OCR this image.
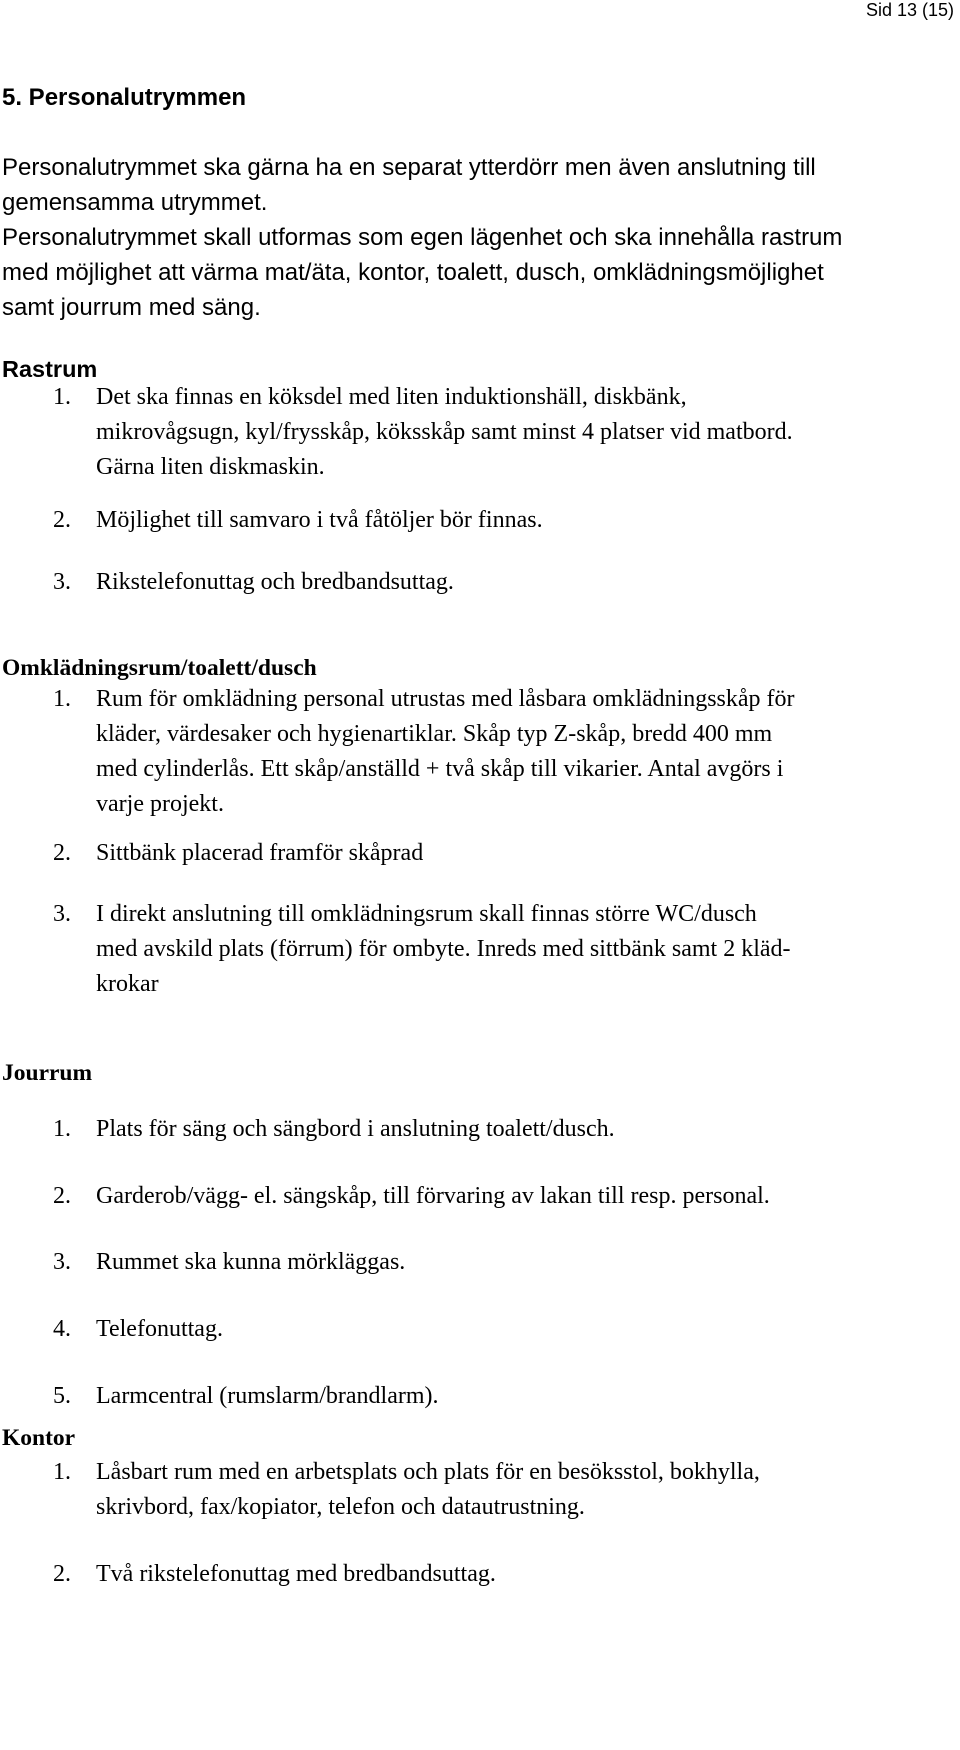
Sid 13 (15)
5. Personalutrymmen
Personalutrymmet ska gärna ha en separat ytterdörr men även anslutning till
gemensamma utrymmet.
Personalutrymmet skall utformas som egen lägenhet och ska innehålla rastrum
med möjlighet att värma mat/äta, kontor, toalett, dusch, omklädningsmöjlighet
samt jourrum med säng.
Rastrum
1. Det ska finnas en köksdel med liten induktionshäll, diskbänk,
mikrovågsugn, kyl/frysskåp, köksskåp samt minst 4 platser vid matbord.
Gärna liten diskmaskin.
2. Möjlighet till samvaro i två fåtöljer bör finnas.
3. Rikstelefonuttag och bredbandsuttag.
Omklädningsrum/toalett/dusch
1. Rum för omklädning personal utrustas med låsbara omklädningsskåp för
kläder, värdesaker och hygienartiklar. Skåp typ Z-skåp, bredd 400 mm
med cylinderlås. Ett skåp/anställd + två skåp till vikarier. Antal avgörs i
varje projekt.
2. Sittbänk placerad framför skåprad
3. I direkt anslutning till omklädningsrum skall finnas större WC/dusch
med avskild plats (förrum) för ombyte. Inreds med sittbänk samt 2 kläd-
krokar
Jourrum
1. Plats för säng och sängbord i anslutning toalett/dusch.
2. Garderob/vägg- el. sängskåp, till förvaring av lakan till resp. personal.
3. Rummet ska kunna mörkläggas.
4. Telefonuttag.
5. Larmcentral (rumslarm/brandlarm).
Kontor
1. Låsbart rum med en arbetsplats och plats för en besöksstol, bokhylla,
skrivbord, fax/kopiator, telefon och datautrustning.
2. Två rikstelefonuttag med bredbandsuttag.
